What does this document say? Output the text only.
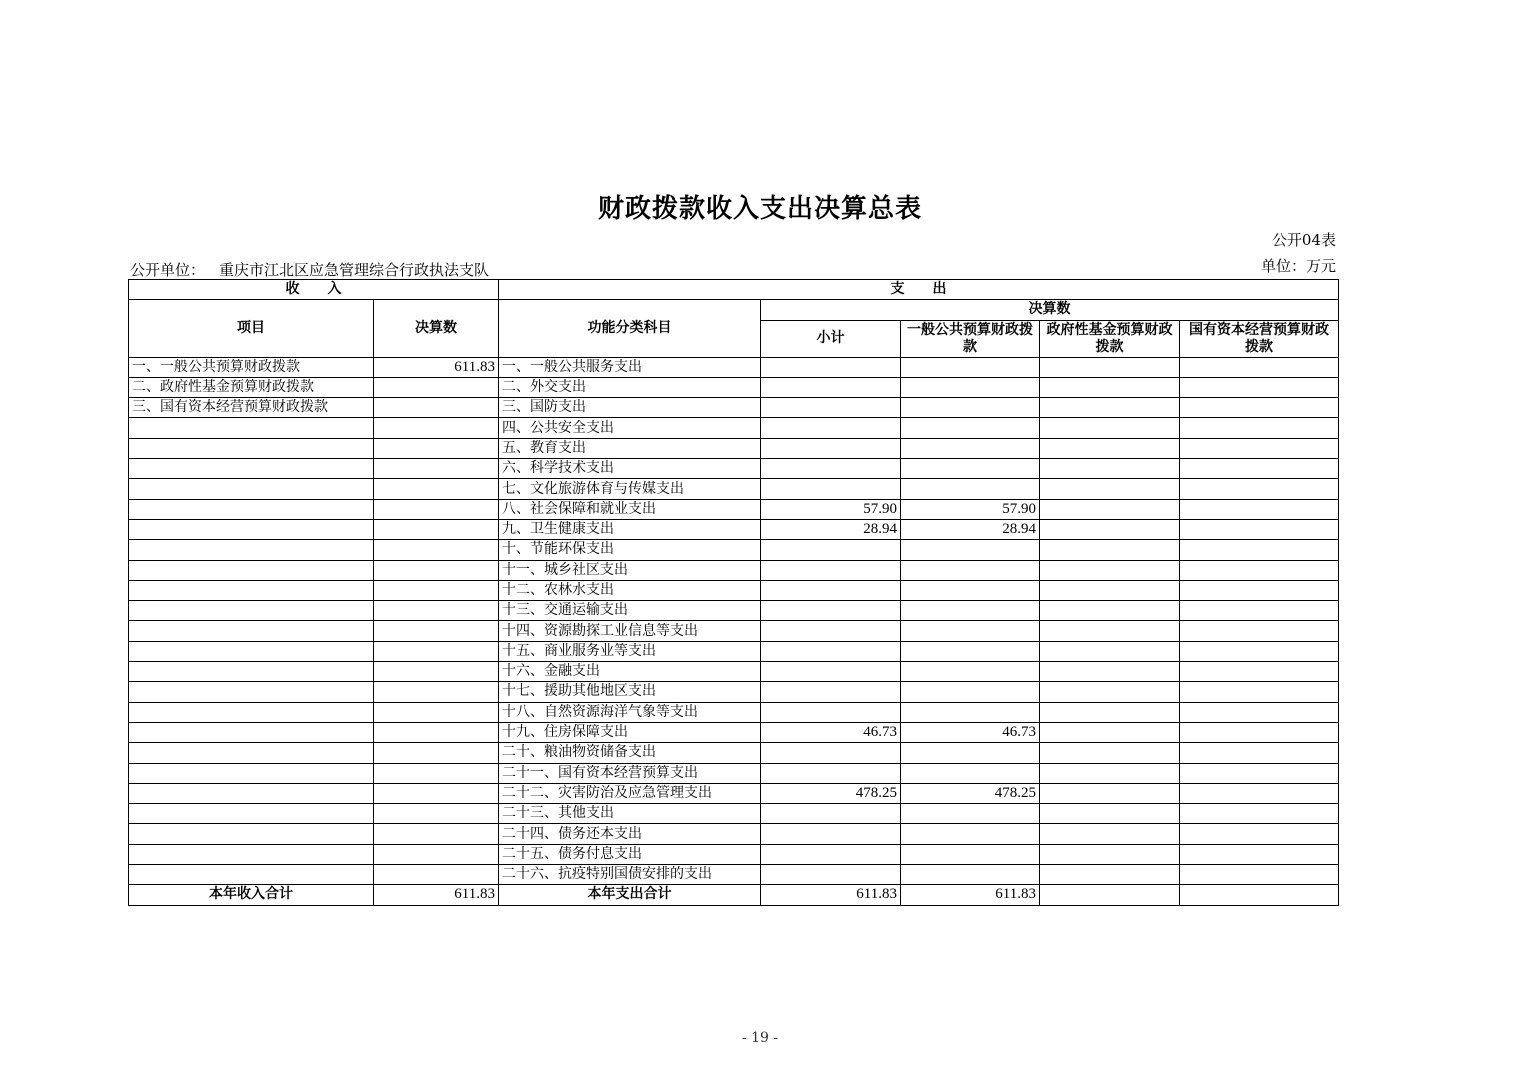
财政拨款收入支出决算总表
公开04表
单位：万元
公开单位： 重庆市江北区应急管理综合行政执法支队
收　　入		支　　出				
项目	决算数	功能分类科目	决算数			
			小计	一般公共预算财政拨款	政府性基金预算财政拨款	国有资本经营预算财政拨款
一、一般公共预算财政拨款	611.83	一、一般公共服务支出				
二、政府性基金预算财政拨款		二、外交支出				
三、国有资本经营预算财政拨款		三、国防支出				
		四、公共安全支出				
		五、教育支出				
		六、科学技术支出				
		七、文化旅游体育与传媒支出				
		八、社会保障和就业支出	57.90	57.90		
		九、卫生健康支出	28.94	28.94		
		十、节能环保支出				
		十一、城乡社区支出				
		十二、农林水支出				
		十三、交通运输支出				
		十四、资源勘探工业信息等支出				
		十五、商业服务业等支出				
		十六、金融支出				
		十七、援助其他地区支出				
		十八、自然资源海洋气象等支出				
		十九、住房保障支出	46.73	46.73		
		二十、粮油物资储备支出				
		二十一、国有资本经营预算支出				
		二十二、灾害防治及应急管理支出	478.25	478.25		
		二十三、其他支出				
		二十四、债务还本支出				
		二十五、债务付息支出				
		二十六、抗疫特别国债安排的支出				
本年收入合计	611.83	本年支出合计	611.83	611.83		
- 19 -
